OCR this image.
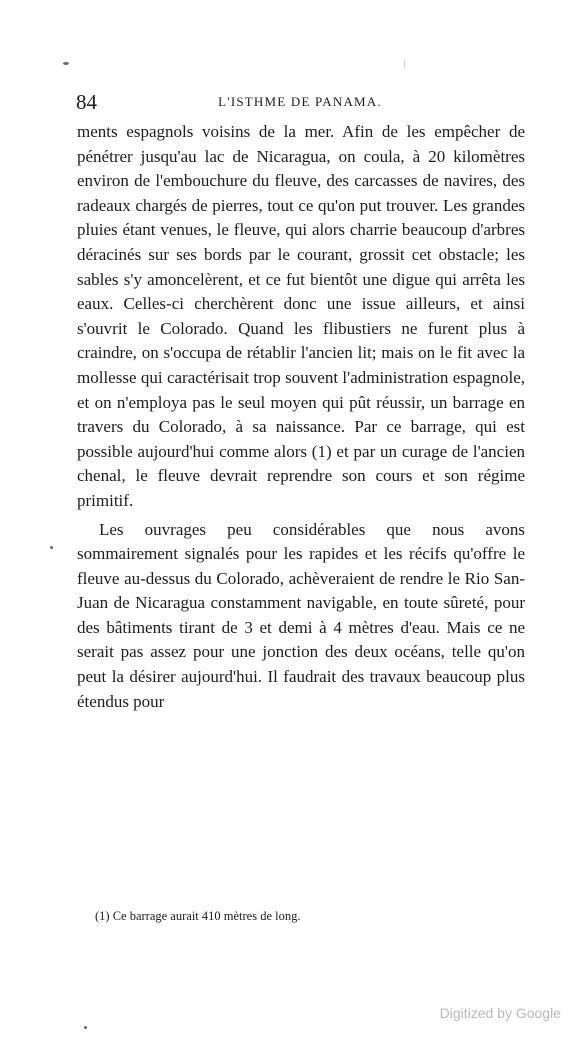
84	L'ISTHME DE PANAMA.

ments espagnols voisins de la mer. Afin de les empêcher de pénétrer jusqu'au lac de Nicaragua, on coula, à 20 kilomètres environ de l'embouchure du fleuve, des carcasses de navires, des radeaux chargés de pierres, tout ce qu'on put trouver. Les grandes pluies étant venues, le fleuve, qui alors charrie beaucoup d'arbres déracinés sur ses bords par le courant, grossit cet obstacle; les sables s'y amoncelèrent, et ce fut bientôt une digue qui arrêta les eaux. Celles-ci cherchèrent donc une issue ailleurs, et ainsi s'ouvrit le Colorado. Quand les flibustiers ne furent plus à craindre, on s'occupa de rétablir l'ancien lit; mais on le fit avec la mollesse qui caractérisait trop souvent l'administration espagnole, et on n'employa pas le seul moyen qui pût réussir, un barrage en travers du Colorado, à sa naissance. Par ce barrage, qui est possible aujourd'hui comme alors (1) et par un curage de l'ancien chenal, le fleuve devrait reprendre son cours et son régime primitif.

Les ouvrages peu considérables que nous avons sommairement signalés pour les rapides et les récifs qu'offre le fleuve au-dessus du Colorado, achèveraient de rendre le Rio San-Juan de Nicaragua constamment navigable, en toute sûreté, pour des bâtiments tirant de 3 et demi à 4 mètres d'eau. Mais ce ne serait pas assez pour une jonction des deux océans, telle qu'on peut la désirer aujourd'hui. Il faudrait des travaux beaucoup plus étendus pour

(1) Ce barrage aurait 410 mètres de long.
Digitized by Google
